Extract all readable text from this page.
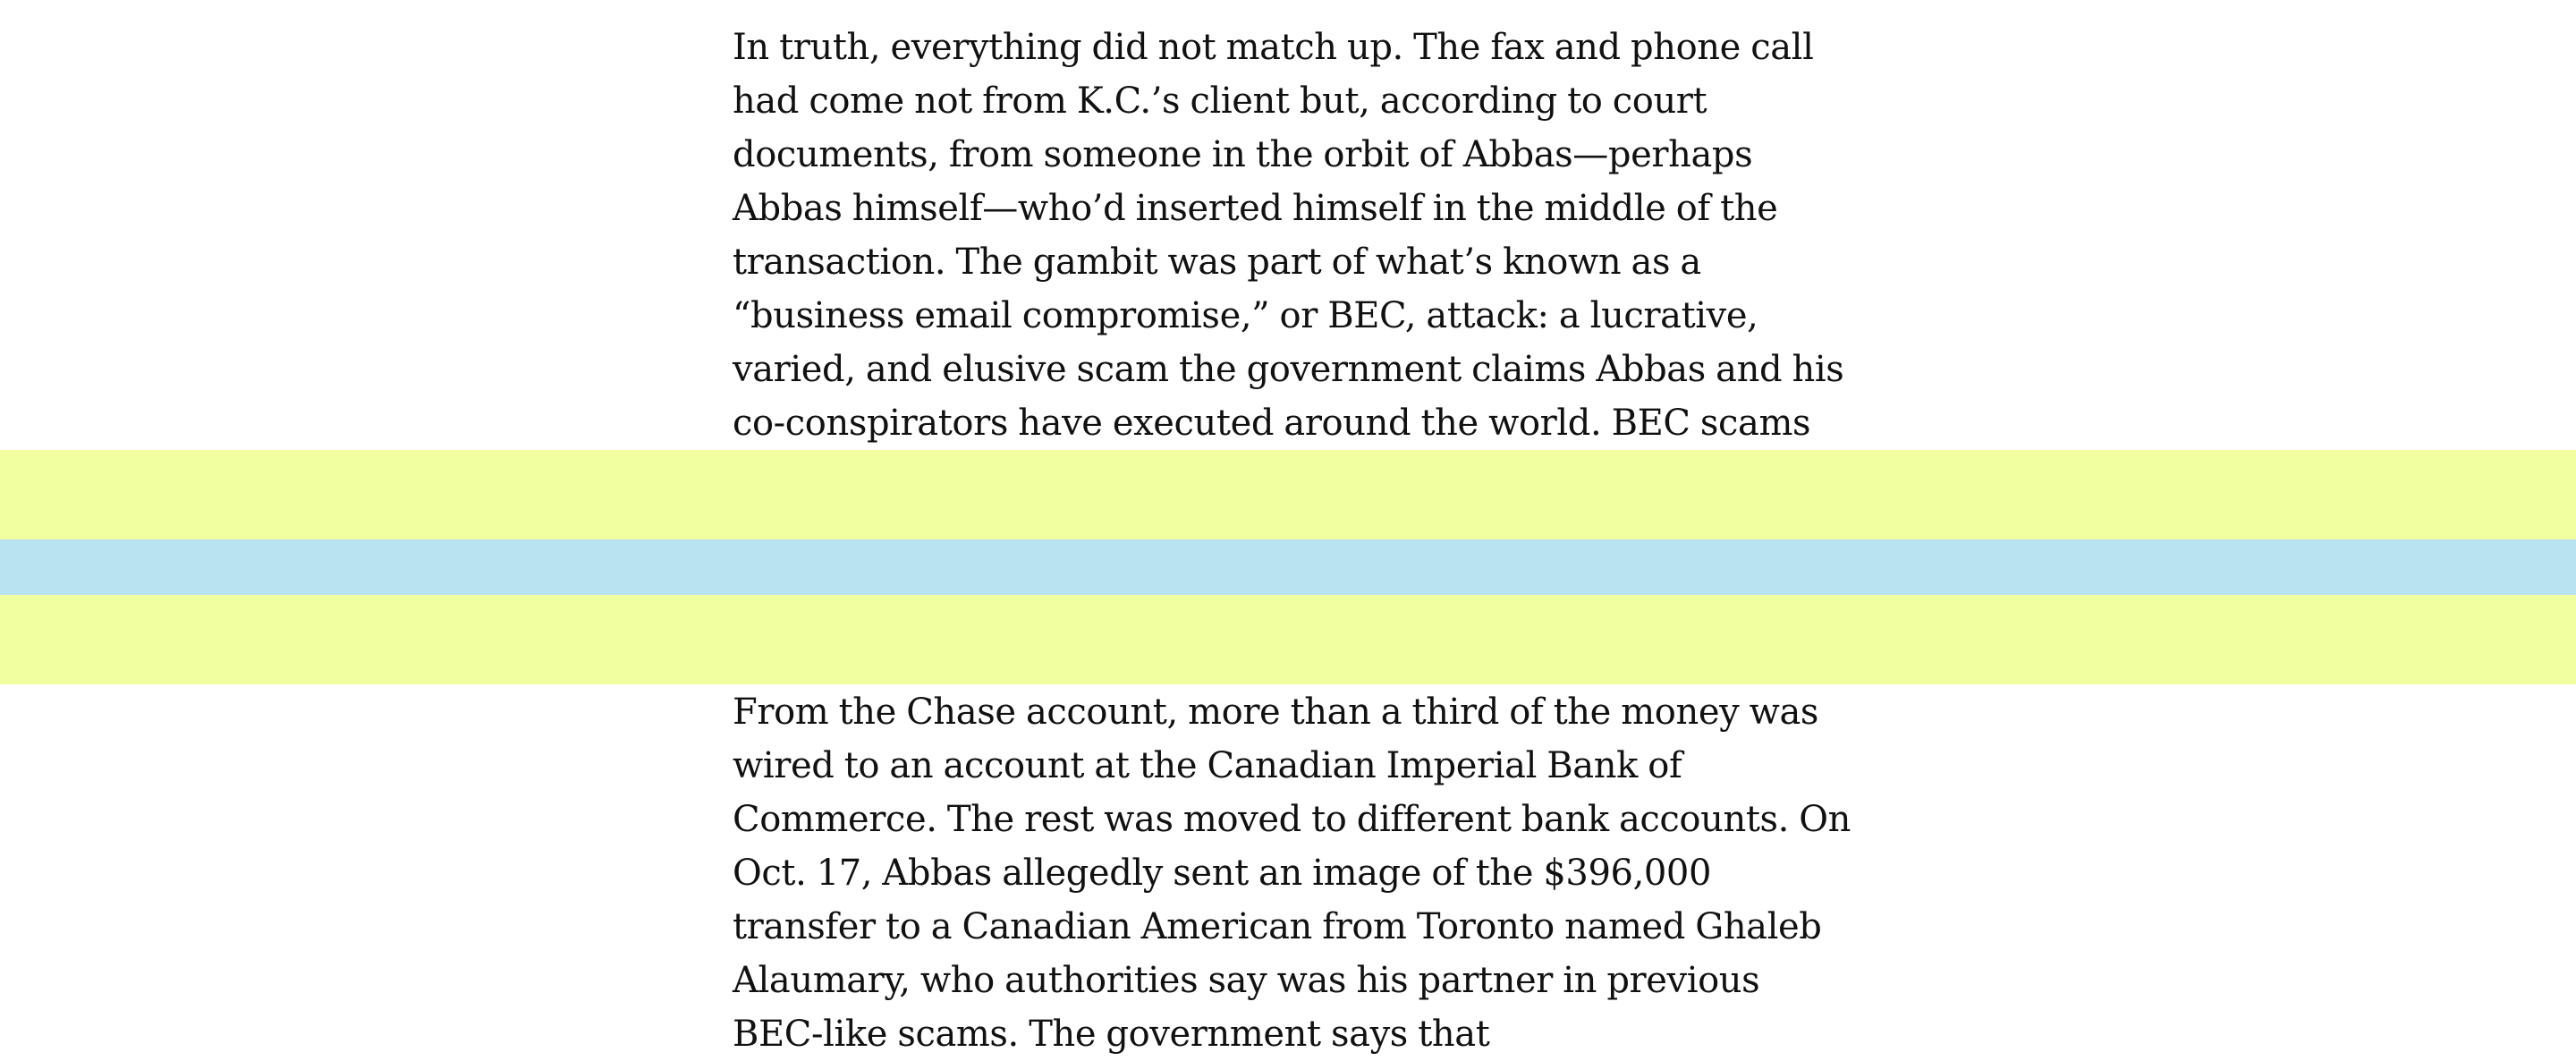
In truth, everything did not match up. The fax and phone call had come not from K.C.’s client but, according to court documents, from someone in the orbit of Abbas—perhaps Abbas himself—who’d inserted himself in the middle of the transaction. The gambit was part of what’s known as a “business email compromise,” or BEC, attack: a lucrative, varied, and elusive scam the government claims Abbas and his co-conspirators have executed around the world. BEC scams

From the Chase account, more than a third of the money was wired to an account at the Canadian Imperial Bank of Commerce. The rest was moved to different bank accounts. On Oct. 17, Abbas allegedly sent an image of the $396,000 transfer to a Canadian American from Toronto named Ghaleb Alaumary, who authorities say was his partner in previous BEC-like scams. The government says that
